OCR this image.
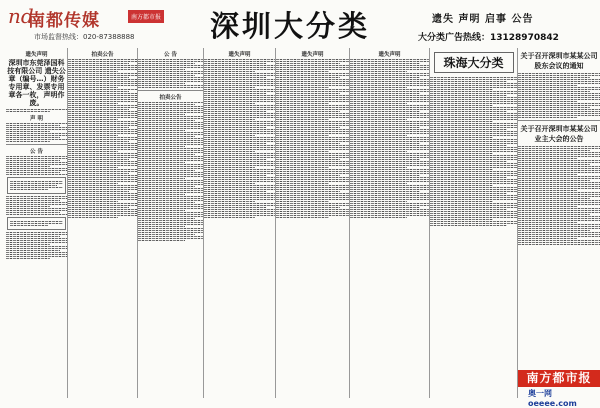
nd
南都传媒	南方都市报
市场监督热线：020-87388888	深圳大分类	遗失 声明 启事 公告
大分类广告热线：13128970842
遗失声明
深圳市东莞泽国科技有限公司 遗失公章（编号…）财务专用章、发票专用章各一枚，声明作废。
声 明
公 告
拍卖公告	公 告
拍卖公告
遗失声明	遗失声明	遗失声明
珠海大分类	关于召开深圳市某某公司股东会议的通知
关于召开深圳市某某公司业主大会的公告
南方都市报
奥一网 oeeee.com
